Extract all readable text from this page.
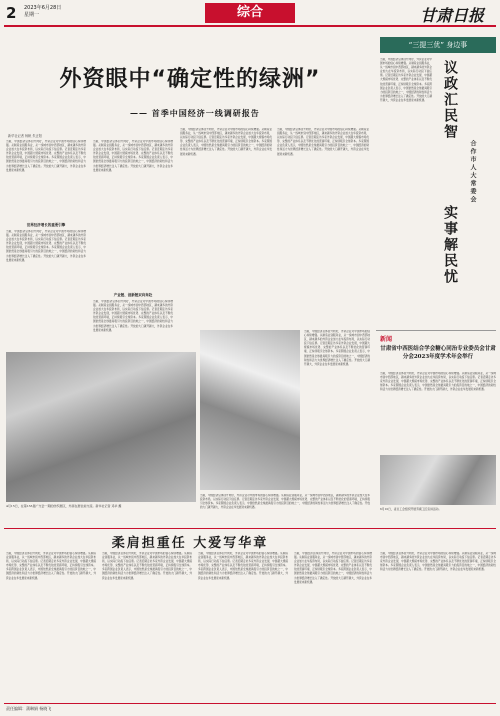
2 2023年6月28日
星期一	综合	甘肃日报
外资眼中“确定性的绿洲”
—— 首季中国经济一线调研报告
新华社记者 杨帆 朱正阳
当前，中国经济总体回升向好，外资企业对中国市场的信心持续增强。从制造业到服务业，从一线城市到中西部地区，越来越多的外资企业加大在华投资布局，以实际行动投下信任票。记者近期走访多家外资企业发现，中国超大规模市场优势、完整的产业体系以及不断优化的营商环境，正持续吸引全球资本。多家跨国企业负责人表示，中国依然是全球最具吸引力的投资目的地之一，中国经济的韧性和活力为世界经济增长注入了确定性。开放的大门越开越大，外资企业在华发展迎来新机遇。
世界经济增长的重要引擎
当前，中国经济总体回升向好，外资企业对中国市场的信心持续增强。从制造业到服务业，从一线城市到中西部地区，越来越多的外资企业加大在华投资布局，以实际行动投下信任票。记者近期走访多家外资企业发现，中国超大规模市场优势、完整的产业体系以及不断优化的营商环境，正持续吸引全球资本。多家跨国企业负责人表示，中国依然是全球最具吸引力的投资目的地之一，中国经济的韧性和活力为世界经济增长注入了确定性。开放的大门越开越大，外资企业在华发展迎来新机遇。
当前，中国经济总体回升向好，外资企业对中国市场的信心持续增强。从制造业到服务业，从一线城市到中西部地区，越来越多的外资企业加大在华投资布局，以实际行动投下信任票。记者近期走访多家外资企业发现，中国超大规模市场优势、完整的产业体系以及不断优化的营商环境，正持续吸引全球资本。多家跨国企业负责人表示，中国依然是全球最具吸引力的投资目的地之一，中国经济的韧性和活力为世界经济增长注入了确定性。开放的大门越开越大，外资企业在华发展迎来新机遇。
产业链、创新链双向奔赴
当前，中国经济总体回升向好，外资企业对中国市场的信心持续增强。从制造业到服务业，从一线城市到中西部地区，越来越多的外资企业加大在华投资布局，以实际行动投下信任票。记者近期走访多家外资企业发现，中国超大规模市场优势、完整的产业体系以及不断优化的营商环境，正持续吸引全球资本。多家跨国企业负责人表示，中国依然是全球最具吸引力的投资目的地之一，中国经济的韧性和活力为世界经济增长注入了确定性。开放的大门越开越大，外资企业在华发展迎来新机遇。
当前，中国经济总体回升向好，外资企业对中国市场的信心持续增强。从制造业到服务业，从一线城市到中西部地区，越来越多的外资企业加大在华投资布局，以实际行动投下信任票。记者近期走访多家外资企业发现，中国超大规模市场优势、完整的产业体系以及不断优化的营商环境，正持续吸引全球资本。多家跨国企业负责人表示，中国依然是全球最具吸引力的投资目的地之一，中国经济的韧性和活力为世界经济增长注入了确定性。开放的大门越开越大，外资企业在华发展迎来新机遇。
当前，中国经济总体回升向好，外资企业对中国市场的信心持续增强。从制造业到服务业，从一线城市到中西部地区，越来越多的外资企业加大在华投资布局，以实际行动投下信任票。记者近期走访多家外资企业发现，中国超大规模市场优势、完整的产业体系以及不断优化的营商环境，正持续吸引全球资本。多家跨国企业负责人表示，中国依然是全球最具吸引力的投资目的地之一，中国经济的韧性和活力为世界经济增长注入了确定性。开放的大门越开越大，外资企业在华发展迎来新机遇。
4月15日，在第133届广交会一期的纺织展区，外商在展位前交流。新华社记者 邓华 摄
当前，中国经济总体回升向好，外资企业对中国市场的信心持续增强。从制造业到服务业，从一线城市到中西部地区，越来越多的外资企业加大在华投资布局，以实际行动投下信任票。记者近期走访多家外资企业发现，中国超大规模市场优势、完整的产业体系以及不断优化的营商环境，正持续吸引全球资本。多家跨国企业负责人表示，中国依然是全球最具吸引力的投资目的地之一，中国经济的韧性和活力为世界经济增长注入了确定性。开放的大门越开越大，外资企业在华发展迎来新机遇。
当前，中国经济总体回升向好，外资企业对中国市场的信心持续增强。从制造业到服务业，从一线城市到中西部地区，越来越多的外资企业加大在华投资布局，以实际行动投下信任票。记者近期走访多家外资企业发现，中国超大规模市场优势、完整的产业体系以及不断优化的营商环境，正持续吸引全球资本。多家跨国企业负责人表示，中国依然是全球最具吸引力的投资目的地之一，中国经济的韧性和活力为世界经济增长注入了确定性。开放的大门越开越大，外资企业在华发展迎来新机遇。
“三提三优” 身边事
当前，中国经济总体回升向好，外资企业对中国市场的信心持续增强。从制造业到服务业，从一线城市到中西部地区，越来越多的外资企业加大在华投资布局，以实际行动投下信任票。记者近期走访多家外资企业发现，中国超大规模市场优势、完整的产业体系以及不断优化的营商环境，正持续吸引全球资本。多家跨国企业负责人表示，中国依然是全球最具吸引力的投资目的地之一，中国经济的韧性和活力为世界经济增长注入了确定性。开放的大门越开越大，外资企业在华发展迎来新机遇。	议政汇民智
实事解民忧
合作市人大常委会
新闻
甘肃省中西医结合学会糖心同治专业委员会甘肃分会2023年度学术年会举行
当前，中国经济总体回升向好，外资企业对中国市场的信心持续增强。从制造业到服务业，从一线城市到中西部地区，越来越多的外资企业加大在华投资布局，以实际行动投下信任票。记者近期走访多家外资企业发现，中国超大规模市场优势、完整的产业体系以及不断优化的营商环境，正持续吸引全球资本。多家跨国企业负责人表示，中国依然是全球最具吸引力的投资目的地之一，中国经济的韧性和活力为世界经济增长注入了确定性。开放的大门越开越大，外资企业在华发展迎来新机遇。
6月10日，省总工会组织开展劳模工匠宣讲活动。
柔肩担重任 大爱写华章
当前，中国经济总体回升向好，外资企业对中国市场的信心持续增强。从制造业到服务业，从一线城市到中西部地区，越来越多的外资企业加大在华投资布局，以实际行动投下信任票。记者近期走访多家外资企业发现，中国超大规模市场优势、完整的产业体系以及不断优化的营商环境，正持续吸引全球资本。多家跨国企业负责人表示，中国依然是全球最具吸引力的投资目的地之一，中国经济的韧性和活力为世界经济增长注入了确定性。开放的大门越开越大，外资企业在华发展迎来新机遇。
当前，中国经济总体回升向好，外资企业对中国市场的信心持续增强。从制造业到服务业，从一线城市到中西部地区，越来越多的外资企业加大在华投资布局，以实际行动投下信任票。记者近期走访多家外资企业发现，中国超大规模市场优势、完整的产业体系以及不断优化的营商环境，正持续吸引全球资本。多家跨国企业负责人表示，中国依然是全球最具吸引力的投资目的地之一，中国经济的韧性和活力为世界经济增长注入了确定性。开放的大门越开越大，外资企业在华发展迎来新机遇。
当前，中国经济总体回升向好，外资企业对中国市场的信心持续增强。从制造业到服务业，从一线城市到中西部地区，越来越多的外资企业加大在华投资布局，以实际行动投下信任票。记者近期走访多家外资企业发现，中国超大规模市场优势、完整的产业体系以及不断优化的营商环境，正持续吸引全球资本。多家跨国企业负责人表示，中国依然是全球最具吸引力的投资目的地之一，中国经济的韧性和活力为世界经济增长注入了确定性。开放的大门越开越大，外资企业在华发展迎来新机遇。
当前，中国经济总体回升向好，外资企业对中国市场的信心持续增强。从制造业到服务业，从一线城市到中西部地区，越来越多的外资企业加大在华投资布局，以实际行动投下信任票。记者近期走访多家外资企业发现，中国超大规模市场优势、完整的产业体系以及不断优化的营商环境，正持续吸引全球资本。多家跨国企业负责人表示，中国依然是全球最具吸引力的投资目的地之一，中国经济的韧性和活力为世界经济增长注入了确定性。开放的大门越开越大，外资企业在华发展迎来新机遇。
当前，中国经济总体回升向好，外资企业对中国市场的信心持续增强。从制造业到服务业，从一线城市到中西部地区，越来越多的外资企业加大在华投资布局，以实际行动投下信任票。记者近期走访多家外资企业发现，中国超大规模市场优势、完整的产业体系以及不断优化的营商环境，正持续吸引全球资本。多家跨国企业负责人表示，中国依然是全球最具吸引力的投资目的地之一，中国经济的韧性和活力为世界经济增长注入了确定性。开放的大门越开越大，外资企业在华发展迎来新机遇。
责任编辑：蒲琳娟 杨晓飞
